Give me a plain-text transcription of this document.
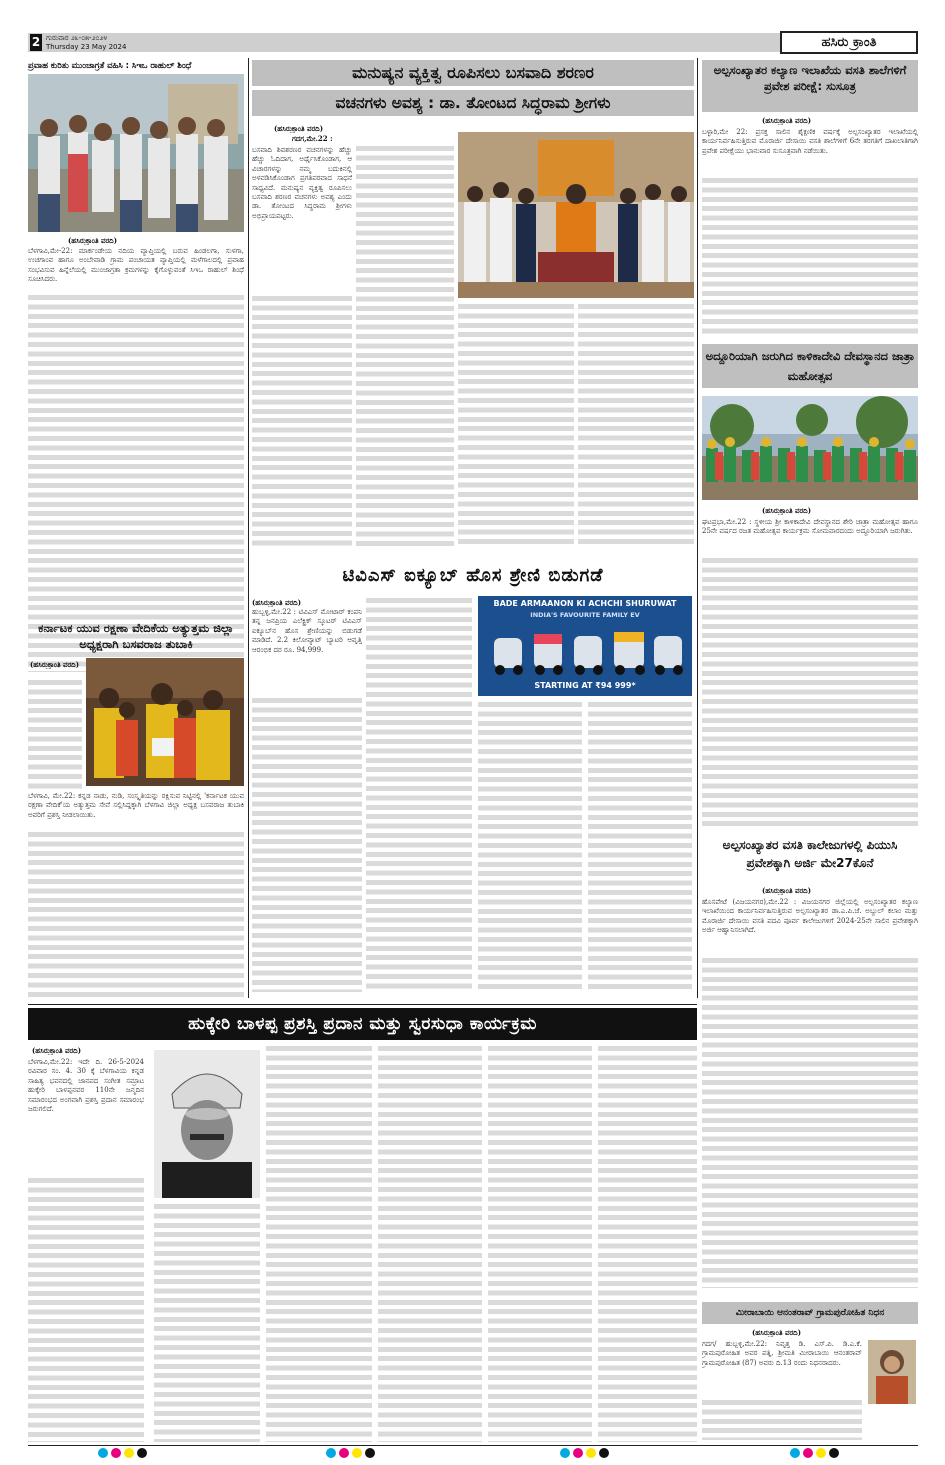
2 ಗುರುವಾರ ೨೩-೦೫-೨೦೨೪
Thursday 23 May 2024	ಹಸಿರು ಕ್ರಾಂತಿ
ಪ್ರವಾಹ ಕುರಿತು ಮುಂಜಾಗ್ರತೆ ವಹಿಸಿ : ಸಿಇಒ ರಾಹುಲ್ ಶಿಂಧೆ
(ಹಸಿರುಕ್ರಾಂತಿ ವರದಿ)

ಬೆಳಗಾವಿ,ಮೇ-22: ಮಾರ್ಕಂಡೇಯ ನದಿಯ ವ್ಯಾಪ್ತಿಯಲ್ಲಿ ಬರುವ ಹಿಂಡಲಗಾ, ಸುಳಗಾ, ಉಚಗಾಂವ ಹಾಗೂ ಅಂಬೇವಾಡಿ ಗ್ರಾಮ ಪಂಚಾಯತ ವ್ಯಾಪ್ತಿಯಲ್ಲಿ ಮಳೆಗಾಲದಲ್ಲಿ ಪ್ರವಾಹ ಸಂಭವಿಸುವ ಹಿನ್ನೆಲೆಯಲ್ಲಿ ಮುಂಜಾಗ್ರತಾ ಕ್ರಮಗಳನ್ನು ಕೈಗೊಳ್ಳುವಂತೆ ಸಿಇಒ ರಾಹುಲ್ ಶಿಂಧೆ ಸೂಚಿಸಿದರು.

ಕರ್ನಾಟಕ ಯುವ ರಕ್ಷಣಾ ವೇದಿಕೆಯ ಅತ್ಯುತ್ತಮ ಜಿಲ್ಲಾ ಅಧ್ಯಕ್ಷರಾಗಿ ಬಸವರಾಜ ತುಬಾಕಿ
(ಹಸಿರುಕ್ರಾಂತಿ ವರದಿ)

ಬೆಳಗಾವಿ, ಮೇ.22: ಕನ್ನಡ ನಾಡು, ನುಡಿ, ಸಂಸ್ಕೃತಿಯನ್ನು ರಕ್ಷಿಸುವ ನಿಟ್ಟಿನಲ್ಲಿ 'ಕರ್ನಾಟಕ ಯುವ ರಕ್ಷಣಾ ವೇದಿಕೆ'ಯ ಅತ್ಯುತ್ತಮ ಸೇವೆ ಸಲ್ಲಿಸಿದ್ದಕ್ಕಾಗಿ ಬೆಳಗಾವಿ ಜಿಲ್ಲಾ ಅಧ್ಯಕ್ಷ ಬಸವರಾಜ ತುಬಾಕಿ ಅವರಿಗೆ ಪ್ರಶಸ್ತಿ ನೀಡಲಾಯಿತು.

ಮನುಷ್ಯನ ವ್ಯಕ್ತಿತ್ವ ರೂಪಿಸಲು ಬಸವಾದಿ ಶರಣರ
ವಚನಗಳು ಅವಶ್ಯ : ಡಾ. ತೋಂಟದ ಸಿದ್ಧರಾಮ ಶ್ರೀಗಳು
(ಹಸಿರುಕ್ರಾಂತಿ ವರದಿ)
ಗದಗ,ಮೇ.22 :

ಬಸವಾದಿ ಶಿವಶರಣರ ವಚನಗಳನ್ನು ಹೆಚ್ಚು ಹೆಚ್ಚು ಓದಿದಾಗ, ಅರ್ಥೈಸಿಕೊಂಡಾಗ, ಆ ವಿಚಾರಗಳನ್ನು ನಮ್ಮ ಬದುಕಿನಲ್ಲಿ ಅಳವಡಿಸಿಕೊಂಡಾಗ ಪ್ರಗತಿಪರವಾದ ಸಾಧನೆ ಸಾಧ್ಯವಿದೆ. ಮನುಷ್ಯನ ವ್ಯಕ್ತಿತ್ವ ರೂಪಿಸಲು ಬಸವಾದಿ ಶರಣರ ವಚನಗಳು ಅವಶ್ಯ ಎಂದು ಡಾ. ತೋಂಟದ ಸಿದ್ಧರಾಮ ಶ್ರೀಗಳು ಅಭಿಪ್ರಾಯಪಟ್ಟರು.

ಟಿವಿಎಸ್ ಐಕ್ಯೂಬ್ ಹೊಸ ಶ್ರೇಣಿ ಬಿಡುಗಡೆ
(ಹಸಿರುಕ್ರಾಂತಿ ವರದಿ)

ಹುಬ್ಬಳ್ಳಿ,ಮೇ.22 : ಟಿವಿಎಸ್ ಮೋಟಾರ್ ಕಂಪನಿ ತನ್ನ ಜನಪ್ರಿಯ ಎಲೆಕ್ಟ್ರಿಕ್ ಸ್ಕೂಟರ್ ಟಿವಿಎಸ್ ಐಕ್ಯೂಬ್‌ನ ಹೊಸ ಶ್ರೇಣಿಯನ್ನು ಬಿಡುಗಡೆ ಮಾಡಿದೆ. 2.2 ಕಿಲೋವ್ಯಾಟ್ ಬ್ಯಾಟರಿ ಆವೃತ್ತಿ ಆರಂಭಿಕ ದರ ರೂ. 94,999.

BADE ARMAANON KI ACHCHI SHURUWAT
INDIA'S FAVOURITE FAMILY EV
STARTING AT ₹94 999*
ಅಲ್ಪಸಂಖ್ಯಾತರ ಕಲ್ಯಾಣ ಇಲಾಖೆಯ ವಸತಿ ಶಾಲೆಗಳಿಗೆ ಪ್ರವೇಶ ಪರೀಕ್ಷೆ: ಸುಸೂತ್ರ
(ಹಸಿರುಕ್ರಾಂತಿ ವರದಿ)

ಬಳ್ಳಾರಿ,ಮೇ 22: ಪ್ರಸಕ್ತ ಸಾಲಿನ ಶೈಕ್ಷಣಿಕ ವರ್ಷಕ್ಕೆ ಅಲ್ಪಸಂಖ್ಯಾತರ ಇಲಾಖೆಯಲ್ಲಿ ಕಾರ್ಯನಿರ್ವಹಿಸುತ್ತಿರುವ ಮೊರಾರ್ಜಿ ದೇಸಾಯಿ ವಸತಿ ಶಾಲೆಗಳಿಗೆ 6ನೇ ತರಗತಿಗೆ ದಾಖಲಾತಿಗಾಗಿ ಪ್ರವೇಶ ಪರೀಕ್ಷೆಯು ಭಾನುವಾರ ಸುಸೂತ್ರವಾಗಿ ನಡೆಯಿತು.

ಅದ್ದೂರಿಯಾಗಿ ಜರುಗಿದ ಕಾಳಿಕಾದೇವಿ ದೇವಸ್ಥಾನದ ಜಾತ್ರಾ ಮಹೋತ್ಸವ
(ಹಸಿರುಕ್ರಾಂತಿ ವರದಿ)

ಘಟಪ್ರಭಾ,ಮೇ.22 : ಸ್ಥಳೀಯ ಶ್ರೀ ಕಾಳಿಕಾದೇವಿ ದೇವಸ್ಥಾನದ ಶೇರಿ ಜಾತ್ರಾ ಮಹೋತ್ಸವ ಹಾಗೂ 25ನೇ ವರ್ಷದ ರಜತ ಮಹೋತ್ಸವ ಕಾರ್ಯಕ್ರಮ ಸೋಮವಾರದಂದು ಅದ್ದೂರಿಯಾಗಿ ಜರುಗಿತು.

ಅಲ್ಪಸಂಖ್ಯಾತರ ವಸತಿ ಕಾಲೇಜುಗಳಲ್ಲಿ ಪಿಯುಸಿ ಪ್ರವೇಶಕ್ಕಾಗಿ ಅರ್ಜಿ ಮೇ27ಕೊನೆ
(ಹಸಿರುಕ್ರಾಂತಿ ವರದಿ)

ಹೊಸಪೇಟೆ (ವಿಜಯನಗರ),ಮೇ.22 : ವಿಜಯನಗರ ಜಿಲ್ಲೆಯಲ್ಲಿ ಅಲ್ಪಸಂಖ್ಯಾತರ ಕಲ್ಯಾಣ ಇಲಾಖೆಯಿಂದ ಕಾರ್ಯನಿರ್ವಹಿಸುತ್ತಿರುವ ಅಲ್ಪಸಂಖ್ಯಾತರ ಡಾ.ಎ.ಪಿ.ಜೆ. ಅಬ್ದುಲ್ ಕಲಾಂ ಮತ್ತು ಮೊರಾರ್ಜಿ ದೇಸಾಯಿ ವಸತಿ ಪದವಿ ಪೂರ್ವ ಕಾಲೇಜುಗಳಿಗೆ 2024-25ನೇ ಸಾಲಿನ ಪ್ರವೇಶಕ್ಕಾಗಿ ಅರ್ಜಿ ಆಹ್ವಾನಿಸಲಾಗಿದೆ.

ಮೀರಾಬಾಯಿ ಆನಂತರಾವ್ ಗ್ರಾಮಪುರೋಹಿತ ನಿಧನ
(ಹಸಿರುಕ್ರಾಂತಿ ವರದಿ)

ಗದಗ/ ಹುಬ್ಬಳ್ಳಿ,ಮೇ.22: ನಿವೃತ್ತ ಡಿ. ಎಸ್.ಪಿ. ಡಿ.ಎ.ಕೆ. ಗ್ರಾಮಪುರೋಹಿತ ಅವರ ಪತ್ನಿ, ಶ್ರೀಮತಿ ಮೀರಾಬಾಯಿ ಆನಂತರಾವ್ ಗ್ರಾಮಪುರೋಹಿತ (87) ಅವರು ದಿ.13 ರಂದು ನಿಧನರಾದರು.

ಹುಕ್ಕೇರಿ ಬಾಳಪ್ಪ ಪ್ರಶಸ್ತಿ ಪ್ರದಾನ ಮತ್ತು ಸ್ವರಸುಧಾ ಕಾರ್ಯಕ್ರಮ
(ಹಸಿರುಕ್ರಾಂತಿ ವರದಿ)

ಬೆಳಗಾವಿ,ಮೇ.22: ಇದೇ ದಿ. 26-5-2024 ರವಿವಾರ ಸಂ. 4. 30 ಕ್ಕೆ ಬೆಳಗಾವಿಯ ಕನ್ನಡ ಸಾಹಿತ್ಯ ಭವನದಲ್ಲಿ ಜಾನಪದ ಸಂಗೀತ ಸಮ್ರಾಟ ಹುಕ್ಕೇರಿ ಬಾಳಪ್ಪನವರ 110ನೇ ಜನ್ಮದಿನ ಸಮಾರಂಭದ ಅಂಗವಾಗಿ ಪ್ರಶಸ್ತಿ ಪ್ರದಾನ ಸಮಾರಂಭ ಜರುಗಲಿದೆ.
